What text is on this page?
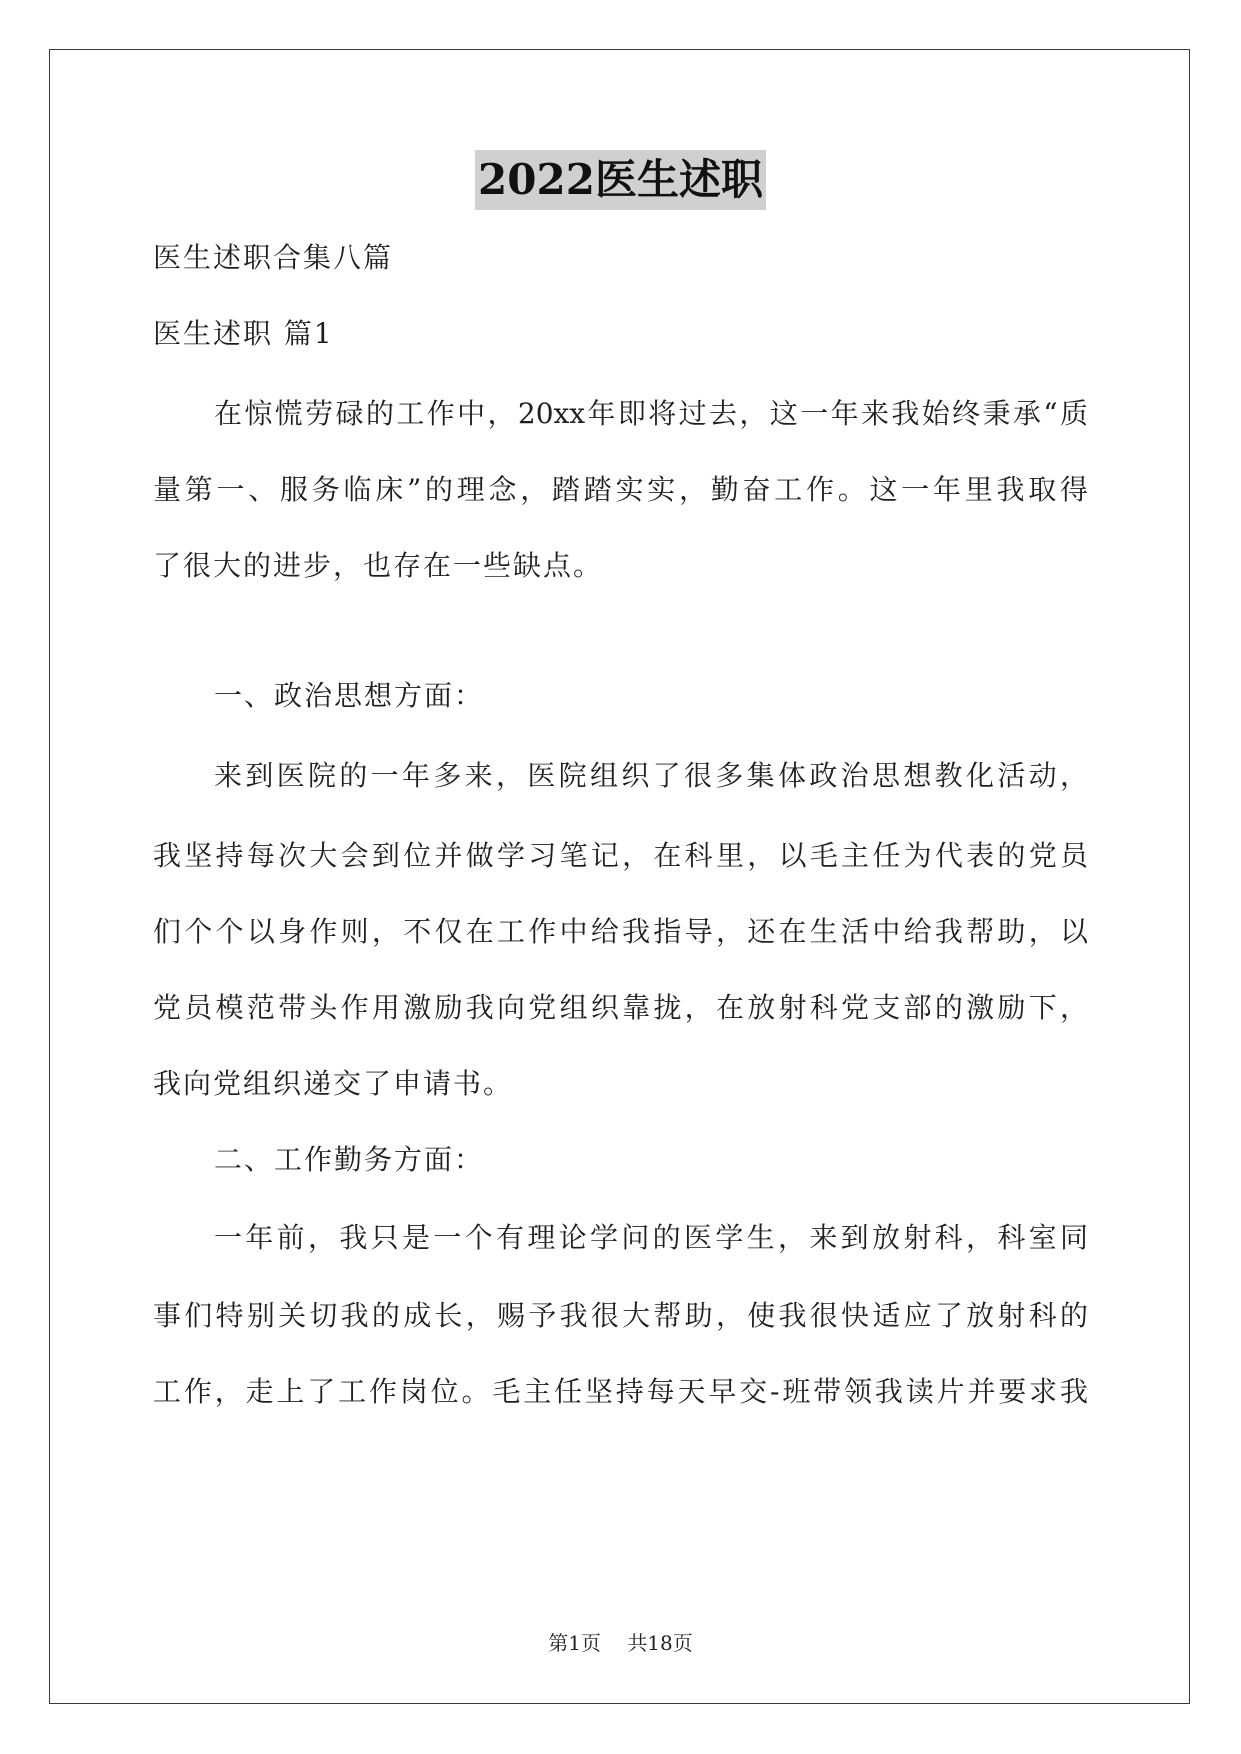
2022医生述职
医生述职合集八篇
医生述职 篇1
在惊慌劳碌的工作中，20xx年即将过去，这一年来我始终秉承“质
量第一、服务临床”的理念，踏踏实实，勤奋工作。这一年里我取得
了很大的进步，也存在一些缺点。
一、政治思想方面：
来到医院的一年多来，医院组织了很多集体政治思想教化活动，
我坚持每次大会到位并做学习笔记，在科里，以毛主任为代表的党员
们个个以身作则，不仅在工作中给我指导，还在生活中给我帮助，以
党员模范带头作用激励我向党组织靠拢，在放射科党支部的激励下，
我向党组织递交了申请书。
二、工作勤务方面：
一年前，我只是一个有理论学问的医学生，来到放射科，科室同
事们特别关切我的成长，赐予我很大帮助，使我很快适应了放射科的
工作，走上了工作岗位。毛主任坚持每天早交-班带领我读片并要求我
第1页 共18页
